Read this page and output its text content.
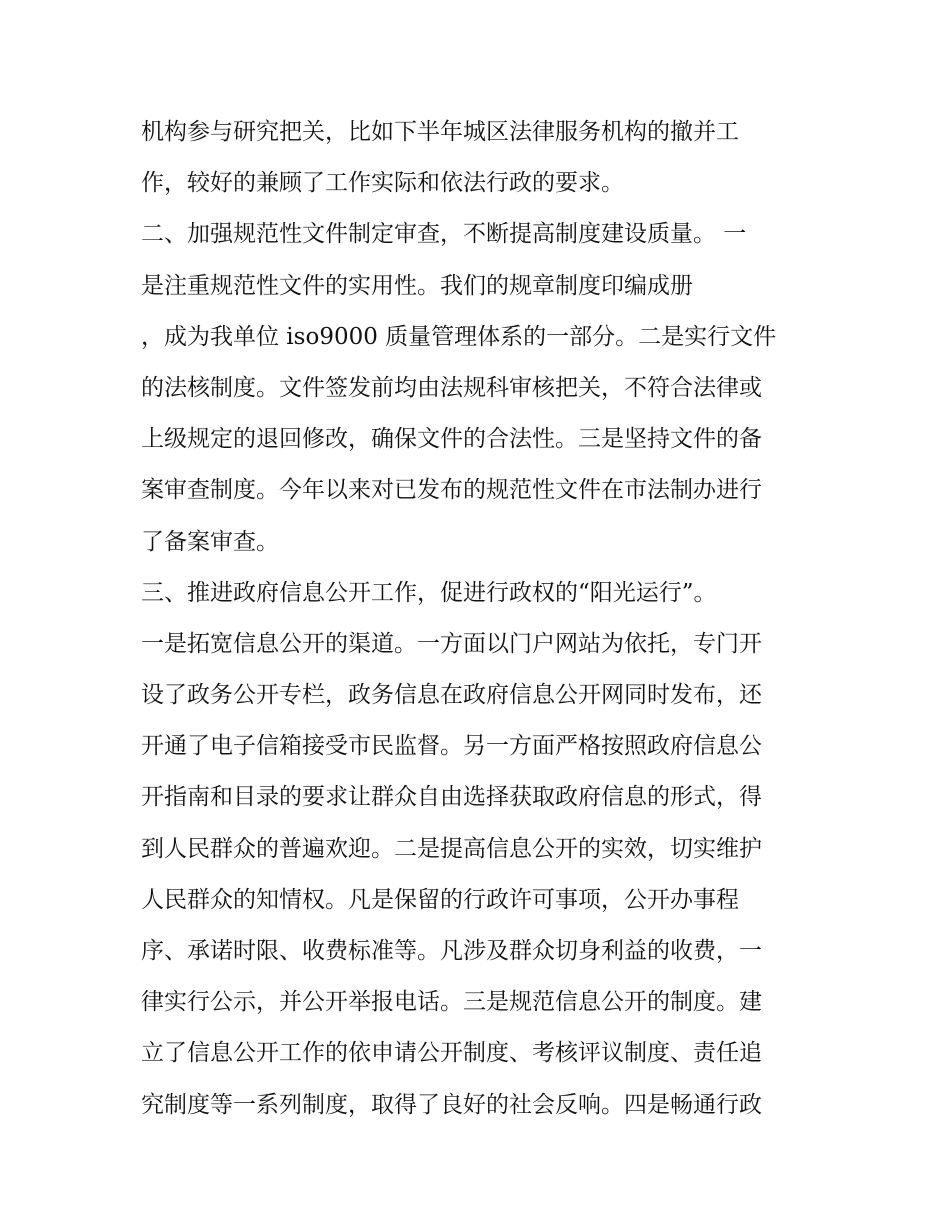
机构参与研究把关，比如下半年城区法律服务机构的撤并工
作，较好的兼顾了工作实际和依法行政的要求。
二、加强规范性文件制定审查，不断提高制度建设质量。 一
是注重规范性文件的实用性。我们的规章制度印编成册
，成为我单位 iso9000 质量管理体系的一部分。二是实行文件
的法核制度。文件签发前均由法规科审核把关，不符合法律或
上级规定的退回修改，确保文件的合法性。三是坚持文件的备
案审查制度。今年以来对已发布的规范性文件在市法制办进行
了备案审查。
三、推进政府信息公开工作，促进行政权的“阳光运行”。
一是拓宽信息公开的渠道。一方面以门户网站为依托，专门开
设了政务公开专栏，政务信息在政府信息公开网同时发布，还
开通了电子信箱接受市民监督。另一方面严格按照政府信息公
开指南和目录的要求让群众自由选择获取政府信息的形式，得
到人民群众的普遍欢迎。二是提高信息公开的实效，切实维护
人民群众的知情权。凡是保留的行政许可事项，公开办事程
序、承诺时限、收费标准等。凡涉及群众切身利益的收费，一
律实行公示，并公开举报电话。三是规范信息公开的制度。建
立了信息公开工作的依申请公开制度、考核评议制度、责任追
究制度等一系列制度，取得了良好的社会反响。四是畅通行政
